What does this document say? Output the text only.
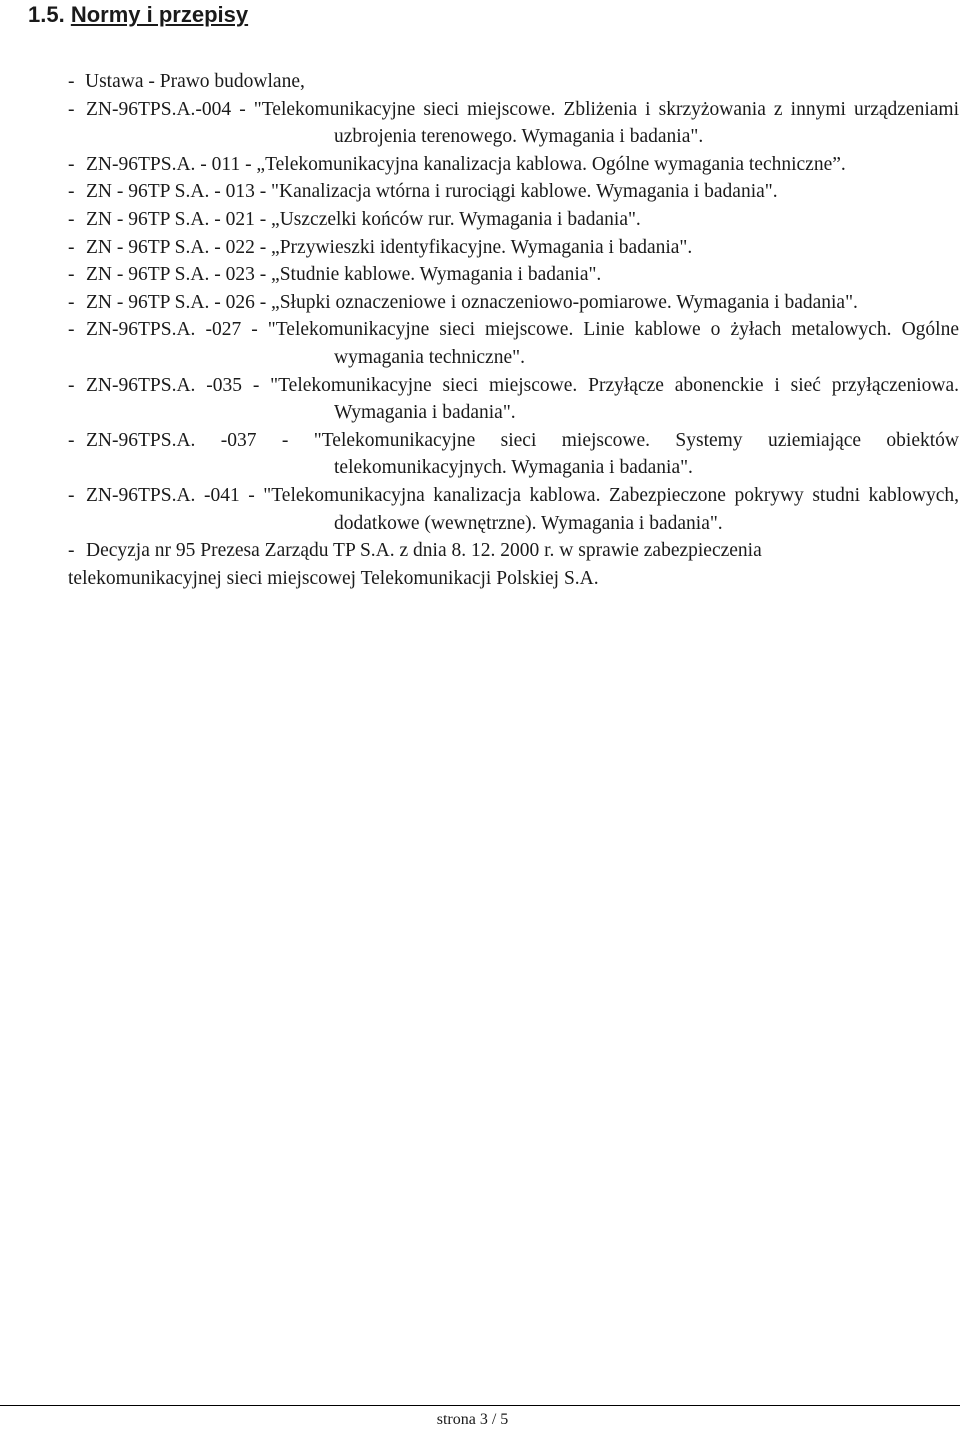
1.5. Normy i przepisy
- Ustawa - Prawo budowlane,
- ZN-96TPS.A.-004 - "Telekomunikacyjne sieci miejscowe. Zbliżenia i skrzyżowania z innymi urządzeniami uzbrojenia terenowego. Wymagania i badania".
- ZN-96TPS.A. - 011 - „Telekomunikacyjna kanalizacja kablowa. Ogólne wymagania techniczne”.
- ZN - 96TP S.A. - 013 - "Kanalizacja wtórna i rurociągi kablowe. Wymagania i badania".
- ZN - 96TP S.A. - 021 - „Uszczelki końców rur. Wymagania i badania".
- ZN - 96TP S.A. - 022 - „Przywieszki identyfikacyjne. Wymagania i badania".
- ZN - 96TP S.A. - 023 - „Studnie kablowe. Wymagania i badania".
- ZN - 96TP S.A. - 026 - „Słupki oznaczeniowe i oznaczeniowo-pomiarowe. Wymagania i badania".
- ZN-96TPS.A. -027 - "Telekomunikacyjne sieci miejscowe. Linie kablowe o żyłach metalowych. Ogólne wymagania techniczne".
- ZN-96TPS.A. -035 - "Telekomunikacyjne sieci miejscowe. Przyłącze abonenckie i sieć przyłączeniowa. Wymagania i badania".
- ZN-96TPS.A. -037 - "Telekomunikacyjne sieci miejscowe. Systemy uziemiające obiektów telekomunikacyjnych. Wymagania i badania".
- ZN-96TPS.A. -041 - "Telekomunikacyjna kanalizacja kablowa. Zabezpieczone pokrywy studni kablowych, dodatkowe (wewnętrzne). Wymagania i badania".
- Decyzja nr 95 Prezesa Zarządu TP S.A. z dnia 8. 12. 2000 r. w sprawie zabezpieczenia
telekomunikacyjnej sieci miejscowej Telekomunikacji Polskiej S.A.
strona 3 / 5
